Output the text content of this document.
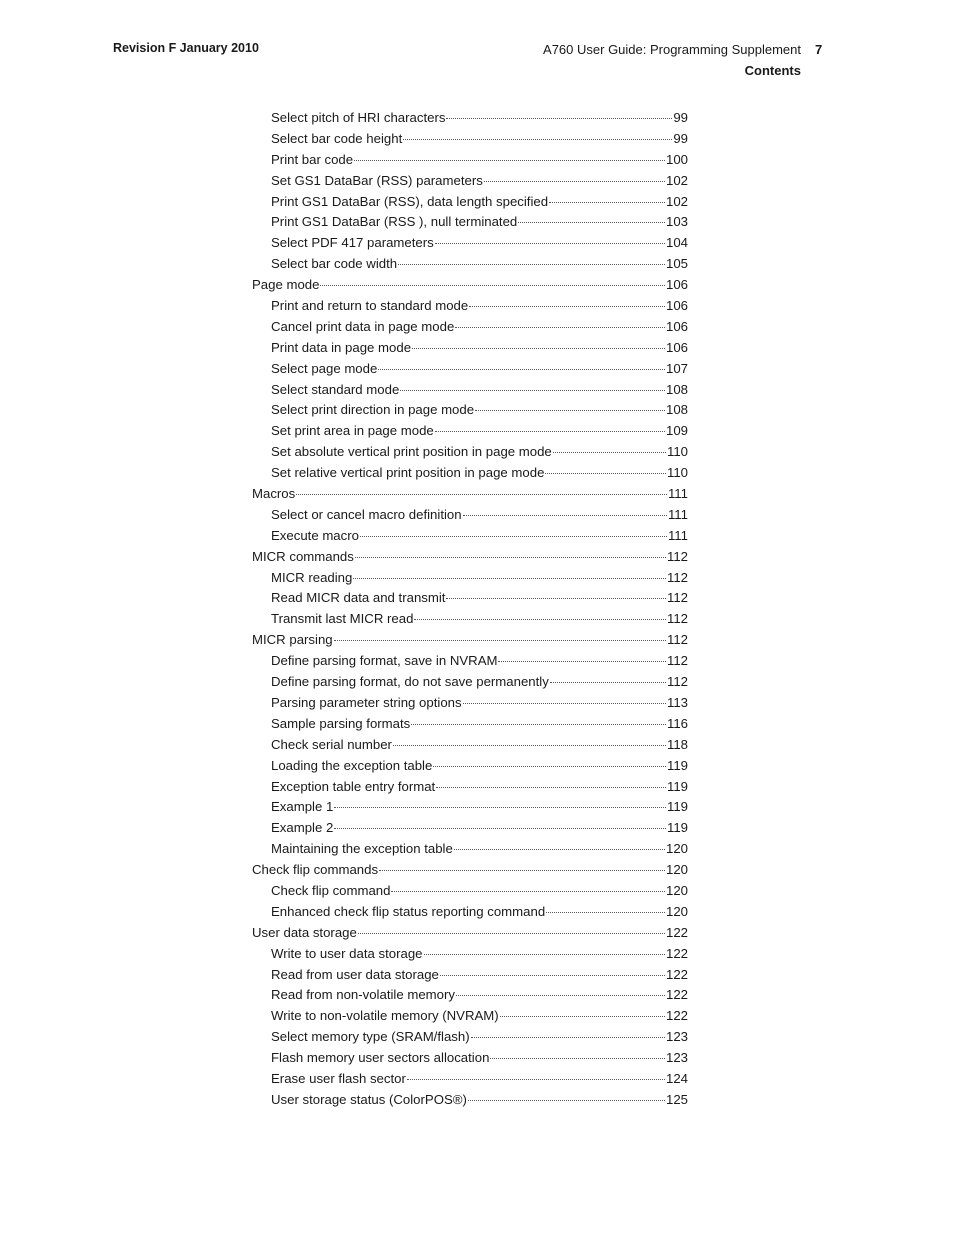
Revision F January 2010	A760 User Guide: Programming Supplement
Contents
7
Select pitch of HRI characters	99
Select bar code height	99
Print bar code	100
Set GS1 DataBar (RSS) parameters	102
Print GS1 DataBar (RSS), data length specified	102
Print GS1 DataBar (RSS ), null terminated	103
Select PDF 417 parameters	104
Select bar code width	105
Page mode	106
Print and return to standard mode	106
Cancel print data in page mode	106
Print data in page mode	106
Select page mode	107
Select standard mode	108
Select print direction in page mode	108
Set print area in page mode	109
Set absolute vertical print position in page mode	110
Set relative vertical print position in page mode	110
Macros	111
Select or cancel macro definition	111
Execute macro	111
MICR commands	112
MICR reading	112
Read MICR data and transmit	112
Transmit last MICR read	112
MICR parsing	112
Define parsing format, save in NVRAM	112
Define parsing format, do not save permanently	112
Parsing parameter string options	113
Sample parsing formats	116
Check serial number	118
Loading the exception table	119
Exception table entry format	119
Example 1	119
Example 2	119
Maintaining the exception table	120
Check flip commands	120
Check flip command	120
Enhanced check flip status reporting command	120
User data storage	122
Write to user data storage	122
Read from user data storage	122
Read from non-volatile memory	122
Write to non-volatile memory (NVRAM)	122
Select memory type (SRAM/flash)	123
Flash memory user sectors allocation	123
Erase user flash sector	124
User storage status (ColorPOS®)	125
